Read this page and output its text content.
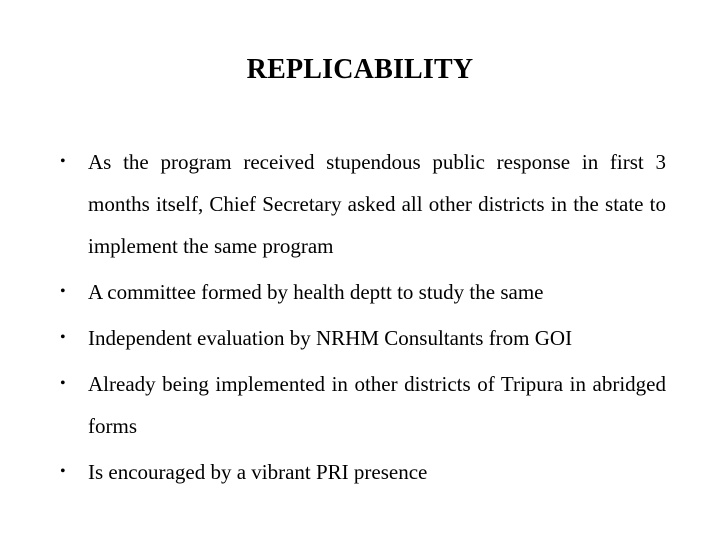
REPLICABILITY
• As the program received stupendous public response in first 3 months itself, Chief Secretary asked all other districts in the state to implement the same program
• A committee formed by health deptt to study the same
• Independent evaluation by NRHM Consultants from GOI
• Already being implemented in other districts of Tripura in abridged forms
• Is encouraged by a vibrant PRI presence
